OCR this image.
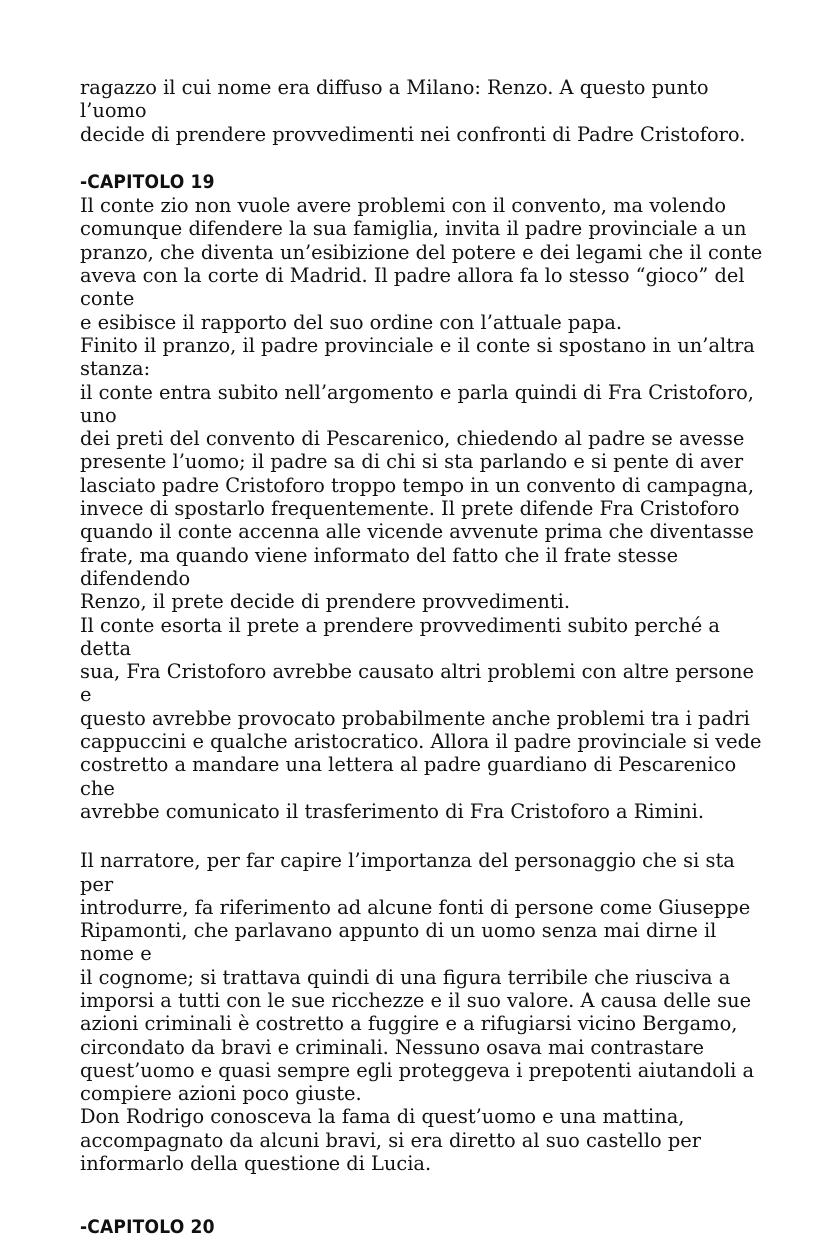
ragazzo il cui nome era diffuso a Milano: Renzo. A questo punto l’uomo
decide di prendere provvedimenti nei confronti di Padre Cristoforo.

-CAPITOLO 19

Il conte zio non vuole avere problemi con il convento, ma volendo
comunque difendere la sua famiglia, invita il padre provinciale a un
pranzo, che diventa un’esibizione del potere e dei legami che il conte
aveva con la corte di Madrid. Il padre allora fa lo stesso “gioco” del conte
e esibisce il rapporto del suo ordine con l’attuale papa.
Finito il pranzo, il padre provinciale e il conte si spostano in un’altra
stanza:
il conte entra subito nell’argomento e parla quindi di Fra Cristoforo, uno
dei preti del convento di Pescarenico, chiedendo al padre se avesse
presente l’uomo; il padre sa di chi si sta parlando e si pente di aver
lasciato padre Cristoforo troppo tempo in un convento di campagna,
invece di spostarlo frequentemente. Il prete difende Fra Cristoforo
quando il conte accenna alle vicende avvenute prima che diventasse
frate, ma quando viene informato del fatto che il frate stesse difendendo
Renzo, il prete decide di prendere provvedimenti.
Il conte esorta il prete a prendere provvedimenti subito perché a detta
sua, Fra Cristoforo avrebbe causato altri problemi con altre persone e
questo avrebbe provocato probabilmente anche problemi tra i padri
cappuccini e qualche aristocratico. Allora il padre provinciale si vede
costretto a mandare una lettera al padre guardiano di Pescarenico che
avrebbe comunicato il trasferimento di Fra Cristoforo a Rimini.

Il narratore, per far capire l’importanza del personaggio che si sta per
introdurre, fa riferimento ad alcune fonti di persone come Giuseppe
Ripamonti, che parlavano appunto di un uomo senza mai dirne il nome e
il cognome; si trattava quindi di una figura terribile che riusciva a
imporsi a tutti con le sue ricchezze e il suo valore. A causa delle sue
azioni criminali è costretto a fuggire e a rifugiarsi vicino Bergamo,
circondato da bravi e criminali. Nessuno osava mai contrastare
quest’uomo e quasi sempre egli proteggeva i prepotenti aiutandoli a
compiere azioni poco giuste.
Don Rodrigo conosceva la fama di quest’uomo e una mattina,
accompagnato da alcuni bravi, si era diretto al suo castello per
informarlo della questione di Lucia.

-CAPITOLO 20
